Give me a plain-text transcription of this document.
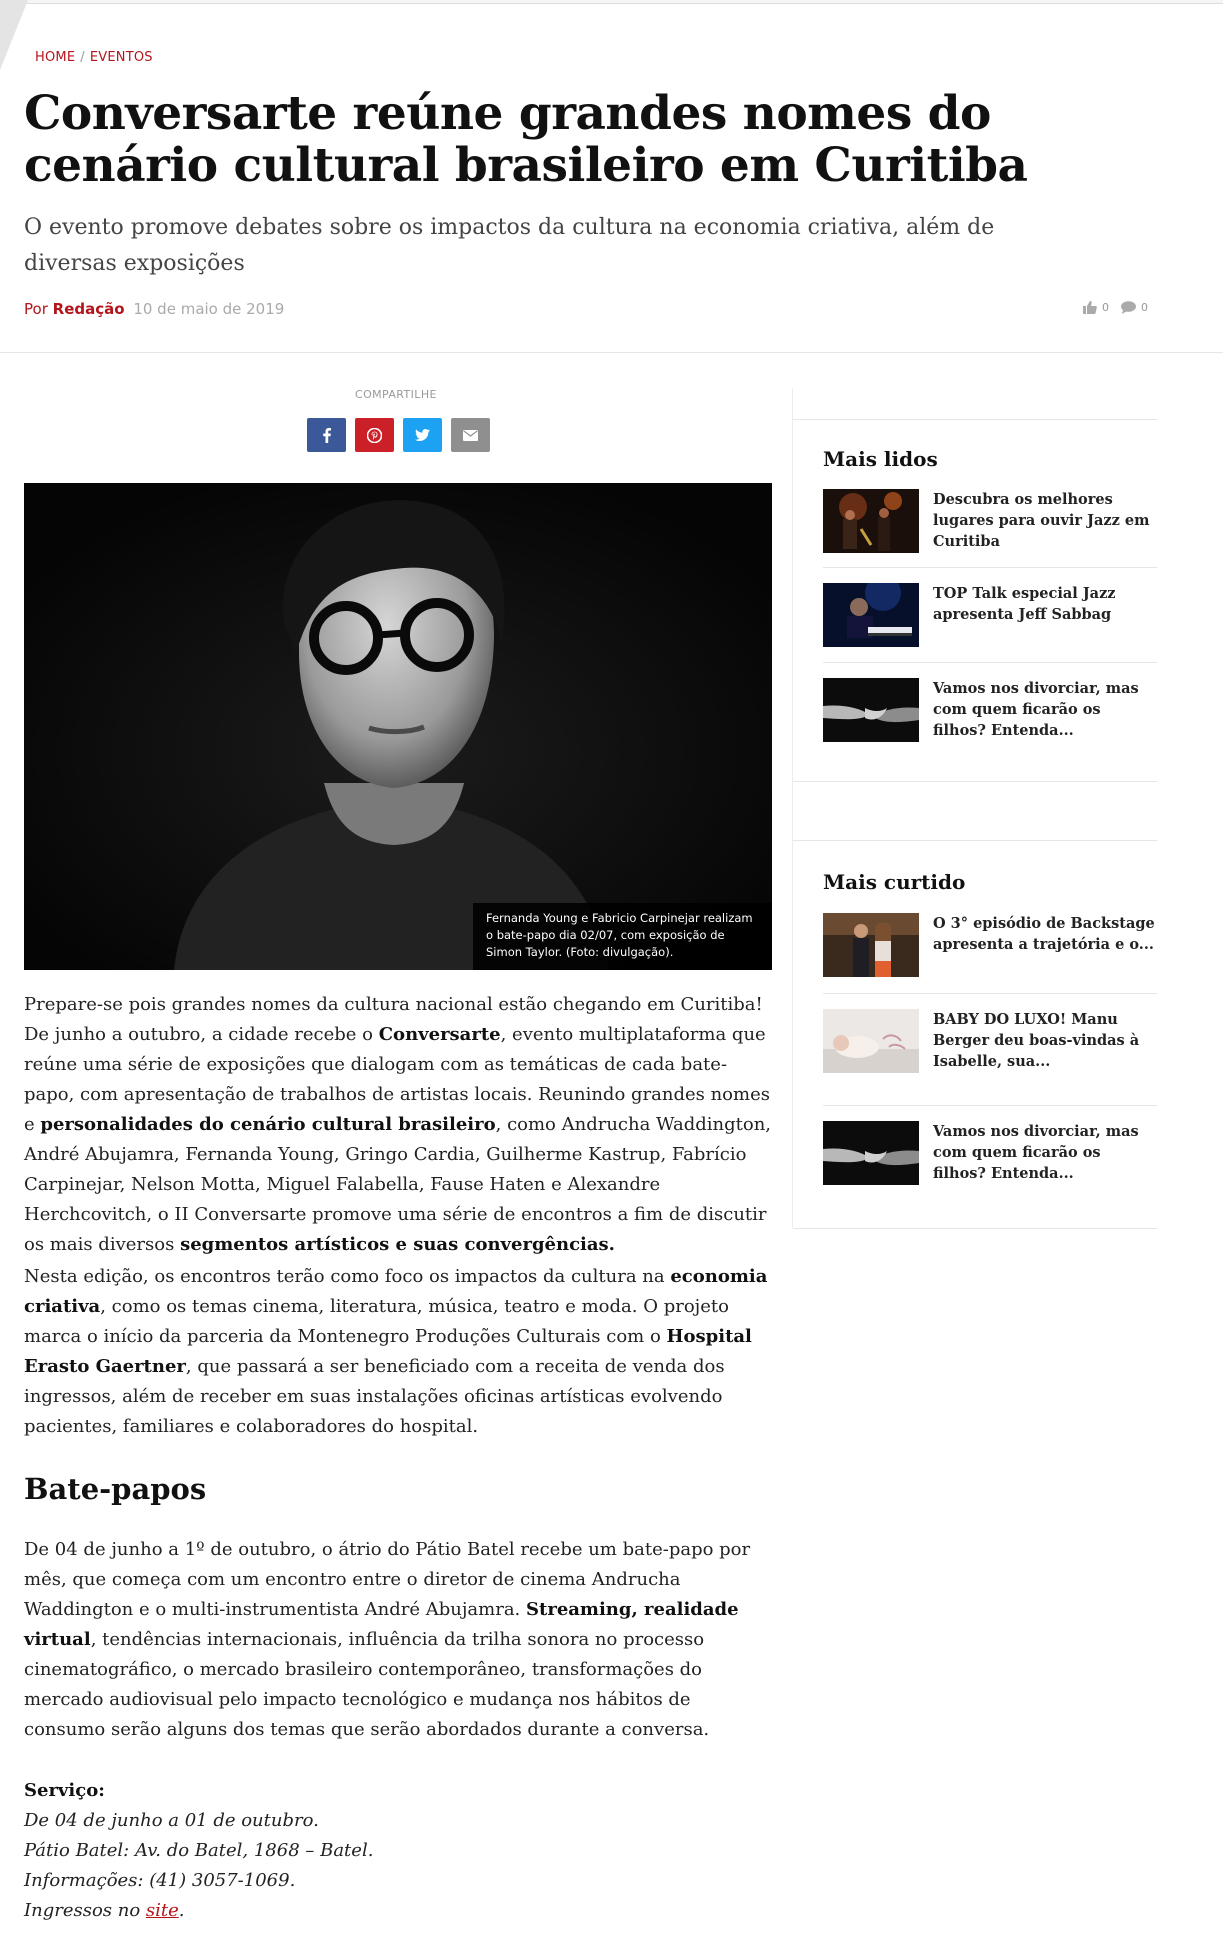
HOME / EVENTOS
Conversarte reúne grandes nomes do cenário cultural brasileiro em Curitiba

O evento promove debates sobre os impactos da cultura na economia criativa, além de diversas exposições

Por Redação 10 de maio de 2019	0	0
COMPARTILHE
Fernanda Young e Fabricio Carpinejar realizam o bate-papo dia 02/07, com exposição de Simon Taylor. (Foto: divulgação).

Prepare-se pois grandes nomes da cultura nacional estão chegando em Curitiba! De junho a outubro, a cidade recebe o Conversarte, evento multiplataforma que reúne uma série de exposições que dialogam com as temáticas de cada bate-papo, com apresentação de trabalhos de artistas locais. Reunindo grandes nomes e personalidades do cenário cultural brasileiro, como Andrucha Waddington, André Abujamra, Fernanda Young, Gringo Cardia, Guilherme Kastrup, Fabrício Carpinejar, Nelson Motta, Miguel Falabella, Fause Haten e Alexandre Herchcovitch, o II Conversarte promove uma série de encontros a fim de discutir os mais diversos segmentos artísticos e suas convergências.

Nesta edição, os encontros terão como foco os impactos da cultura na economia criativa, como os temas cinema, literatura, música, teatro e moda. O projeto marca o início da parceria da Montenegro Produções Culturais com o Hospital Erasto Gaertner, que passará a ser beneficiado com a receita de venda dos ingressos, além de receber em suas instalações oficinas artísticas evolvendo pacientes, familiares e colaboradores do hospital.

Bate-papos

De 04 de junho a 1º de outubro, o átrio do Pátio Batel recebe um bate-papo por mês, que começa com um encontro entre o diretor de cinema Andrucha Waddington e o multi-instrumentista André Abujamra. Streaming, realidade virtual, tendências internacionais, influência da trilha sonora no processo cinematográfico, o mercado brasileiro contemporâneo, transformações do mercado audiovisual pelo impacto tecnológico e mudança nos hábitos de consumo serão alguns dos temas que serão abordados durante a conversa.

Serviço:
De 04 de junho a 01 de outubro.
Pátio Batel: Av. do Batel, 1868 – Batel.
Informações: (41) 3057-1069.
Ingressos no site.
Mais lidos
Descubra os melhores lugares para ouvir Jazz em Curitiba
TOP Talk especial Jazz apresenta Jeff Sabbag
Vamos nos divorciar, mas com quem ficarão os filhos? Entenda...
Mais curtido
O 3° episódio de Backstage apresenta a trajetória e o...
BABY DO LUXO! Manu Berger deu boas-vindas à Isabelle, sua...
Vamos nos divorciar, mas com quem ficarão os filhos? Entenda...
